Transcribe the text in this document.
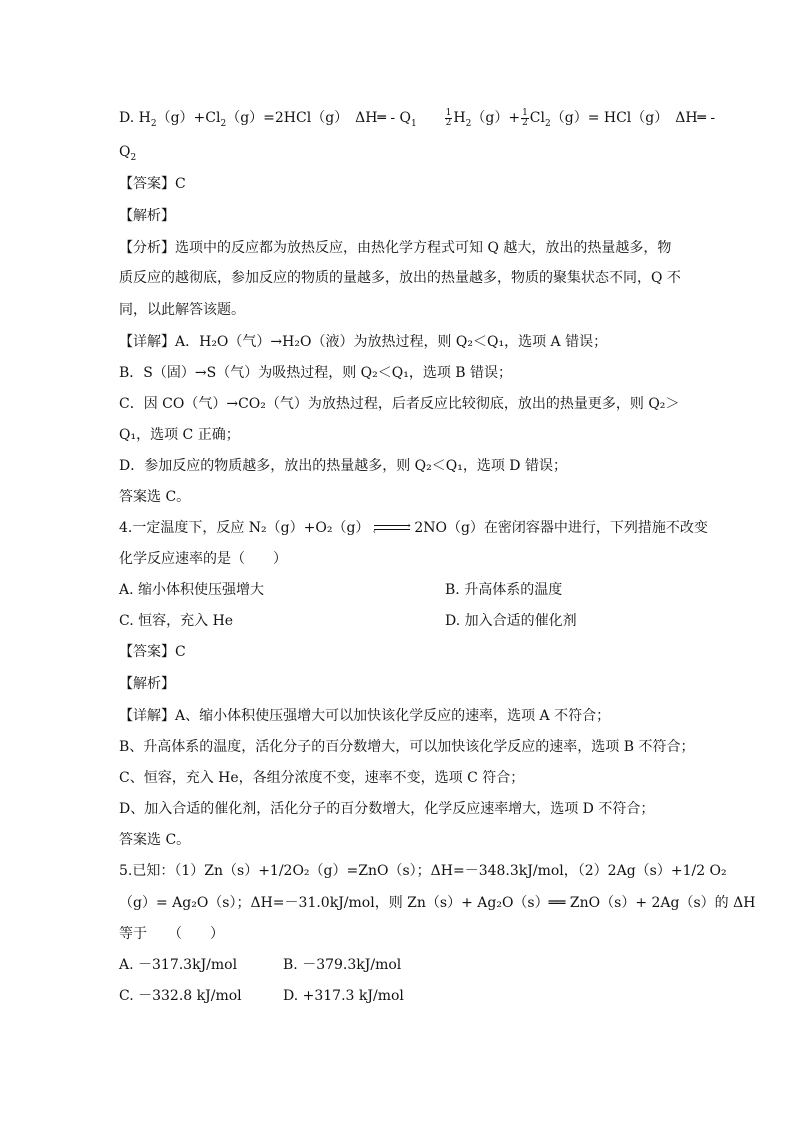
D. $H_2(g)+Cl_2(g)=2HCl(g)$　ΔH═ - $Q_1$	$\frac{1}{2} H_2(g)+ \frac{1}{2} Cl_2(g)= HCl(g)$　ΔH═ -
$Q_2$
【答案】C
【解析】
【分析】选项中的反应都为放热反应，由热化学方程式可知 Q 越大，放出的热量越多，物
质反应的越彻底，参加反应的物质的量越多，放出的热量越多，物质的聚集状态不同，Q 不
同，以此解答该题。
【详解】A．H₂O（气）→H₂O（液）为放热过程，则 Q₂＜Q₁，选项 A 错误；
B．S（固）→S（气）为吸热过程，则 Q₂＜Q₁，选项 B 错误；
C．因 CO（气）→CO₂（气）为放热过程，后者反应比较彻底，放出的热量更多，则 Q₂＞
Q₁，选项 C 正确；
D．参加反应的物质越多，放出的热量越多，则 Q₂＜Q₁，选项 D 错误；
答案选 C。
4.一定温度下，反应 N₂（g）+O₂（g）	›
‹	2NO（g）在密闭容器中进行，下列措施不改变
化学反应速率的是（　　）
A. 缩小体积使压强增大	B. 升高体系的温度
C. 恒容，充入 He	D. 加入合适的催化剂
【答案】C
【解析】
【详解】A、缩小体积使压强增大可以加快该化学反应的速率，选项 A 不符合；
B、升高体系的温度，活化分子的百分数增大，可以加快该化学反应的速率，选项 B 不符合；
C、恒容，充入 He，各组分浓度不变，速率不变，选项 C 符合；
D、加入合适的催化剂，活化分子的百分数增大，化学反应速率增大，选项 D 不符合；
答案选 C。
5.已知：（1）Zn（s）+1/2O₂（g）=ZnO（s）；ΔH=－348.3kJ/mol，（2）2Ag（s）+1/2 O₂
（g）= Ag₂O（s）；ΔH=－31.0kJ/mol，则 Zn（s）+ Ag₂O（s）══ ZnO（s）+ 2Ag（s）的 ΔH
等于　　（　　）
A. －317.3kJ/mol	B. －379.3kJ/mol
C. －332.8 kJ/mol	D. +317.3 kJ/mol
